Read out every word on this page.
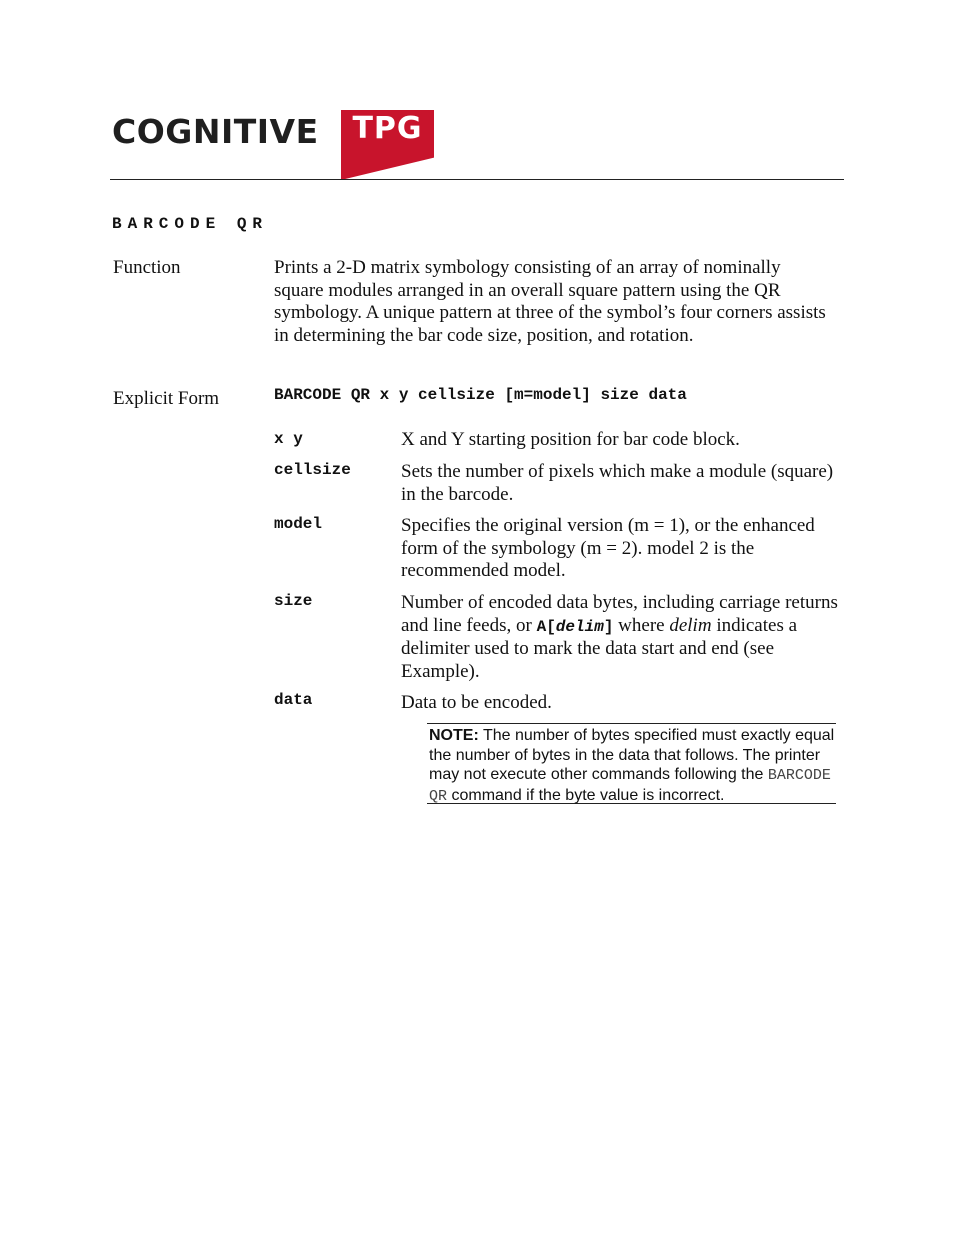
COGNITIVE	TPG
BARCODE QR
Function	Prints a 2-D matrix symbology consisting of an array of nominally square modules arranged in an overall square pattern using the QR symbology. A unique pattern at three of the symbol’s four corners assists in determining the bar code size, position, and rotation.
Explicit Form	BARCODE QR x y cellsize [m=model] size data
x y	X and Y starting position for bar code block.
cellsize	Sets the number of pixels which make a module (square) in the barcode.
model	Specifies the original version (m = 1), or the enhanced form of the symbology (m = 2). model 2 is the recommended model.
size	Number of encoded data bytes, including carriage returns and line feeds, or A[delim] where delim indicates a delimiter used to mark the data start and end (see Example).
data	Data to be encoded.
NOTE: The number of bytes specified must exactly equal the number of bytes in the data that follows. The printer may not execute other commands following the BARCODE QR command if the byte value is incorrect.
